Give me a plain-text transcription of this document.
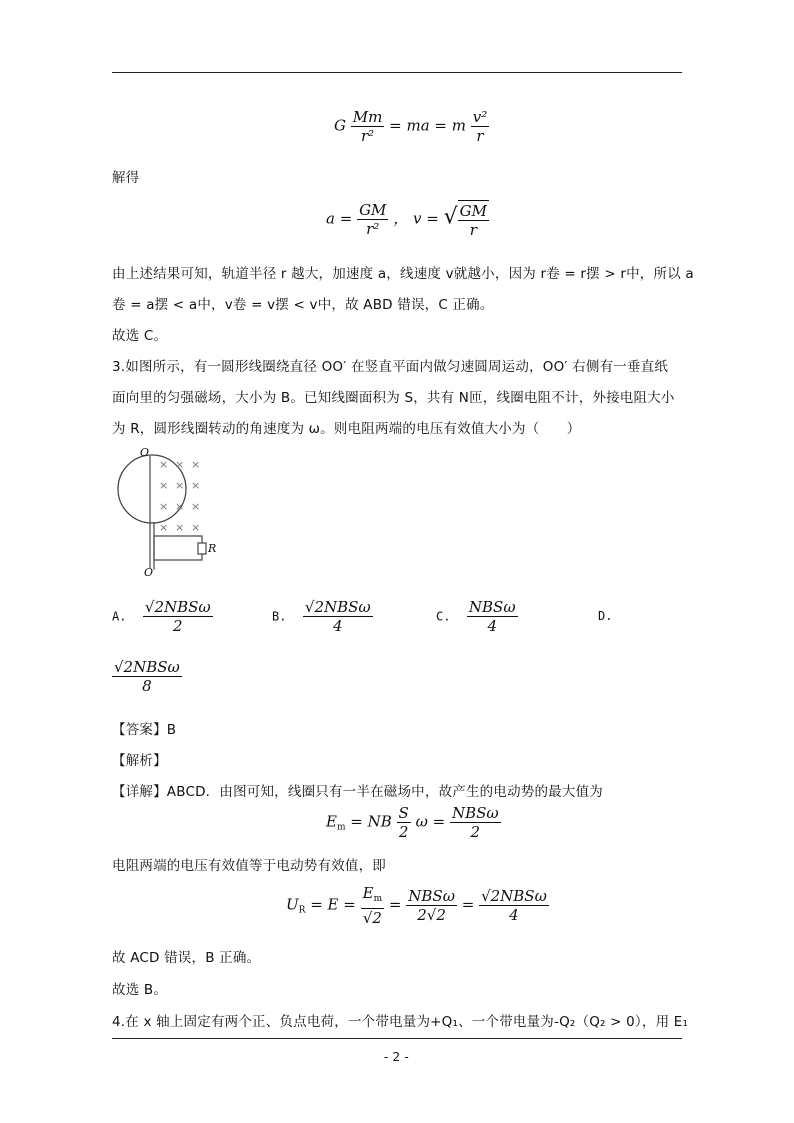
G $\frac{Mm}{\text{r²}}$ = ma = m $\frac{\text{v²}}{r}$
解得
$a = \frac{GM}{\text{r²}}$ ， v = √ $\frac{GM}{r}$
由上述结果可知，轨道半径 r 越大，加速度 a，线速度 v就越小，因为 r卷 = r摆 > r中，所以 a
卷 = a摆 < a中，v卷 = v摆 < v中，故 ABD 错误，C 正确。
故选 C。
3.如图所示，有一圆形线圈绕直径 OO′ 在竖直平面内做匀速圆周运动，OO′ 右侧有一垂直纸
面向里的匀强磁场，大小为 B。已知线圈面积为 S，共有 N匝，线圈电阻不计，外接电阻大小
为 R，圆形线圈转动的角速度为 ω。则电阻两端的电压有效值大小为（　　）
× × ×
× × ×
× × ×
× × ×
O
O′
R
A. $\frac{\text{√2NBSω}}{2}$	B. $\frac{\text{√2NBSω}}{4}$	C. $\frac{\text{NBSω}}{4}$	D.
$\frac{\text{√2NBSω}}{8}$
【答案】B
【解析】
【详解】ABCD．由图可知，线圈只有一半在磁场中，故产生的电动势的最大值为
$E_m$ = NB $\frac{S}{2}$ $\omega = \frac{\text{NBSω}}{2}$
电阻两端的电压有效值等于电动势有效值，即
$U_R = E = \frac{E_m}{√2} = \frac{\text{NBSω}}{2√2} = \frac{\text{√2NBSω}}{4}$
故 ACD 错误，B 正确。
故选 B。
4.在 x 轴上固定有两个正、负点电荷，一个带电量为+Q₁、一个带电量为-Q₂（Q₂ > 0），用 E₁
- 2 -
